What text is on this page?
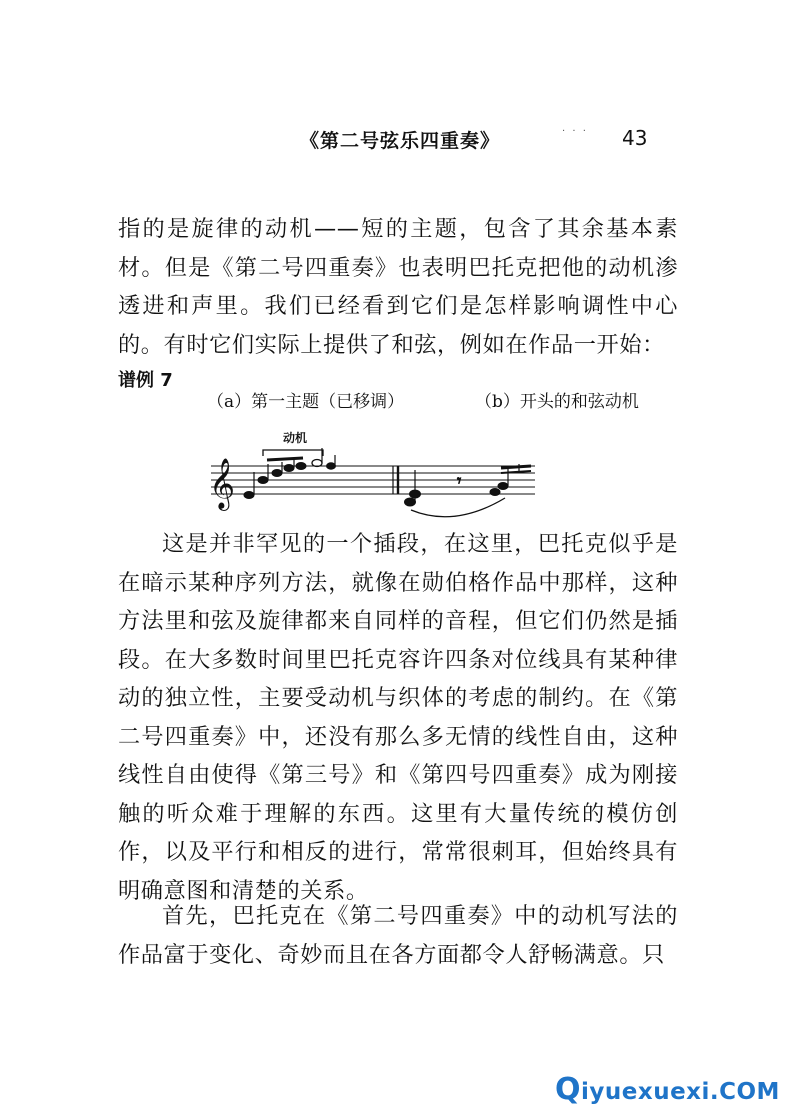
《第二号弦乐四重奏》	· · · 43
指的是旋律的动机——短的主题，包含了其余基本素材。但是《第二号四重奏》也表明巴托克把他的动机渗透进和声里。我们已经看到它们是怎样影响调性中心的。有时它们实际上提供了和弦，例如在作品一开始：
谱例 7
（a）第一主题（已移调）	（b）开头的和弦动机
动机
𝄞	𝄾
这是并非罕见的一个插段，在这里，巴托克似乎是在暗示某种序列方法，就像在勋伯格作品中那样，这种方法里和弦及旋律都来自同样的音程，但它们仍然是插段。在大多数时间里巴托克容许四条对位线具有某种律动的独立性，主要受动机与织体的考虑的制约。在《第二号四重奏》中，还没有那么多无情的线性自由，这种线性自由使得《第三号》和《第四号四重奏》成为刚接触的听众难于理解的东西。这里有大量传统的模仿创作，以及平行和相反的进行，常常很刺耳，但始终具有明确意图和清楚的关系。
首先，巴托克在《第二号四重奏》中的动机写法的作品富于变化、奇妙而且在各方面都令人舒畅满意。只
Qiyuexuexi.COM
